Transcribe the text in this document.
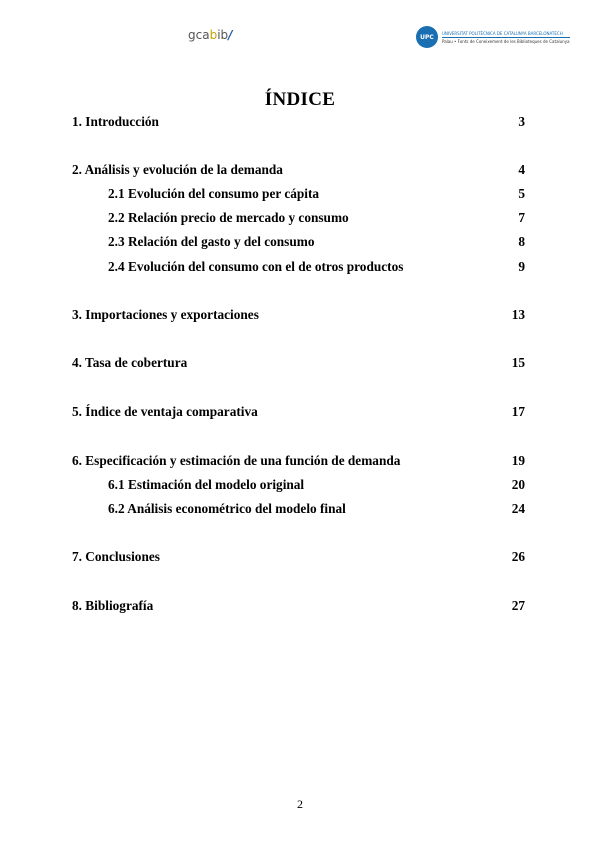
gcabib/	UPC
UNIVERSITAT POLITÈCNICA DE CATALUNYA BARCELONATECH
Palau • Fonts de Coneixement de les Biblioteques de Catalunya
ÍNDICE
1. Introducción	3
2. Análisis y evolución de la demanda	4
2.1 Evolución del consumo per cápita	5
2.2 Relación precio de mercado y consumo	7
2.3 Relación del gasto y del consumo	8
2.4 Evolución del consumo con el de otros productos	9
3. Importaciones y exportaciones	13
4. Tasa de cobertura	15
5. Índice de ventaja comparativa	17
6. Especificación y estimación de una función de demanda	19
6.1 Estimación del modelo original	20
6.2 Análisis econométrico del modelo final	24
7. Conclusiones	26
8. Bibliografía	27
2
